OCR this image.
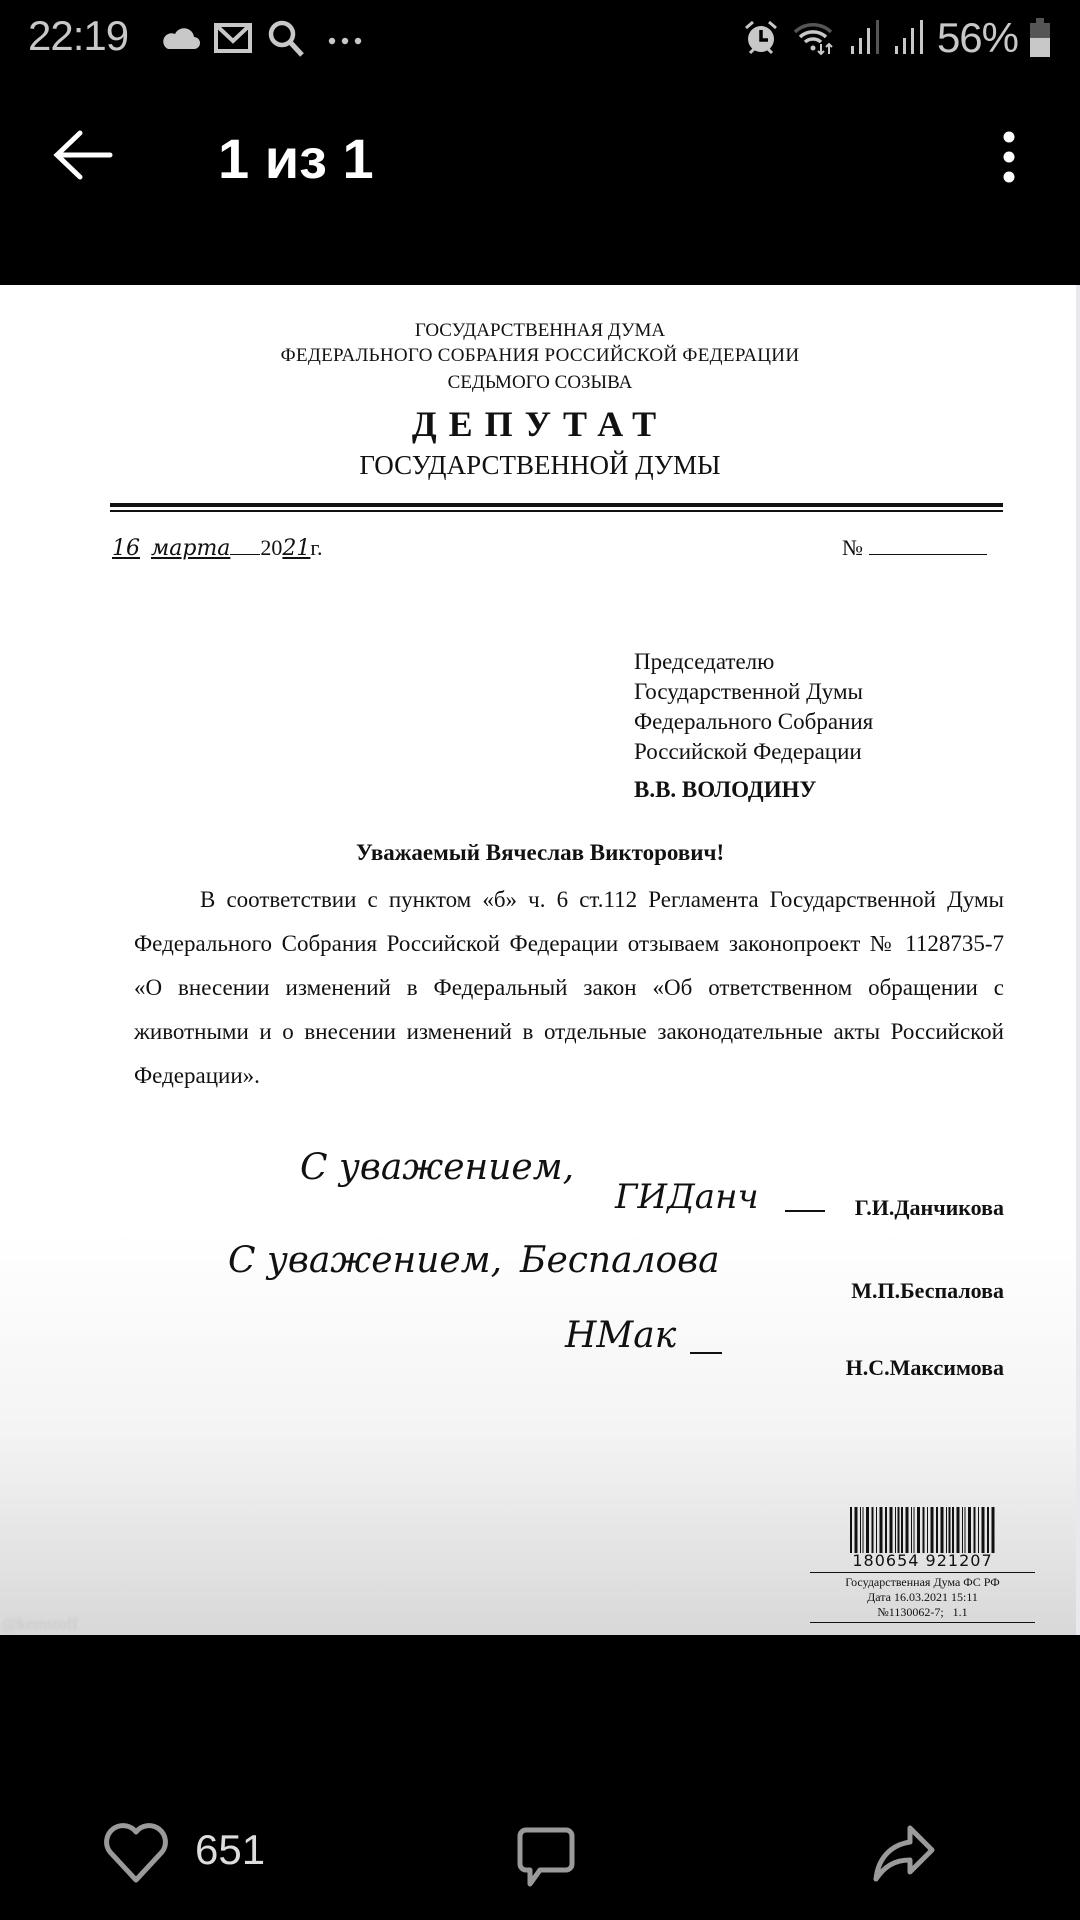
22:19	56%
1 из 1
ГОСУДАРСТВЕННАЯ ДУМА
ФЕДЕРАЛЬНОГО СОБРАНИЯ РОССИЙСКОЙ ФЕДЕРАЦИИ
СЕДЬМОГО СОЗЫВА
ДЕПУТАТ
ГОСУДАРСТВЕННОЙ ДУМЫ
16 марта 2021г.	№
Председателю
Государственной Думы
Федерального Собрания
Российской Федерации
В.В. ВОЛОДИНУ
Уважаемый Вячеслав Викторович!

В соответствии с пунктом «б» ч. 6 ст.112 Регламента Государственной Думы Федерального Собрания Российской Федерации отзываем законопроект № 1128735-7 «О внесении изменений в Федеральный закон «Об ответственном обращении с животными и о внесении изменений в отдельные законодательные акты Российской Федерации».

С уважением,
ГИДанч	Г.И.Данчикова
С уважением, Беспалова
М.П.Беспалова
НМак
Н.С.Максимова
180654 921207
Государственная Дума ФС РФ
Дата 16.03.2021 15:11
№1130062-7;   1.1
@kemstoff
651
